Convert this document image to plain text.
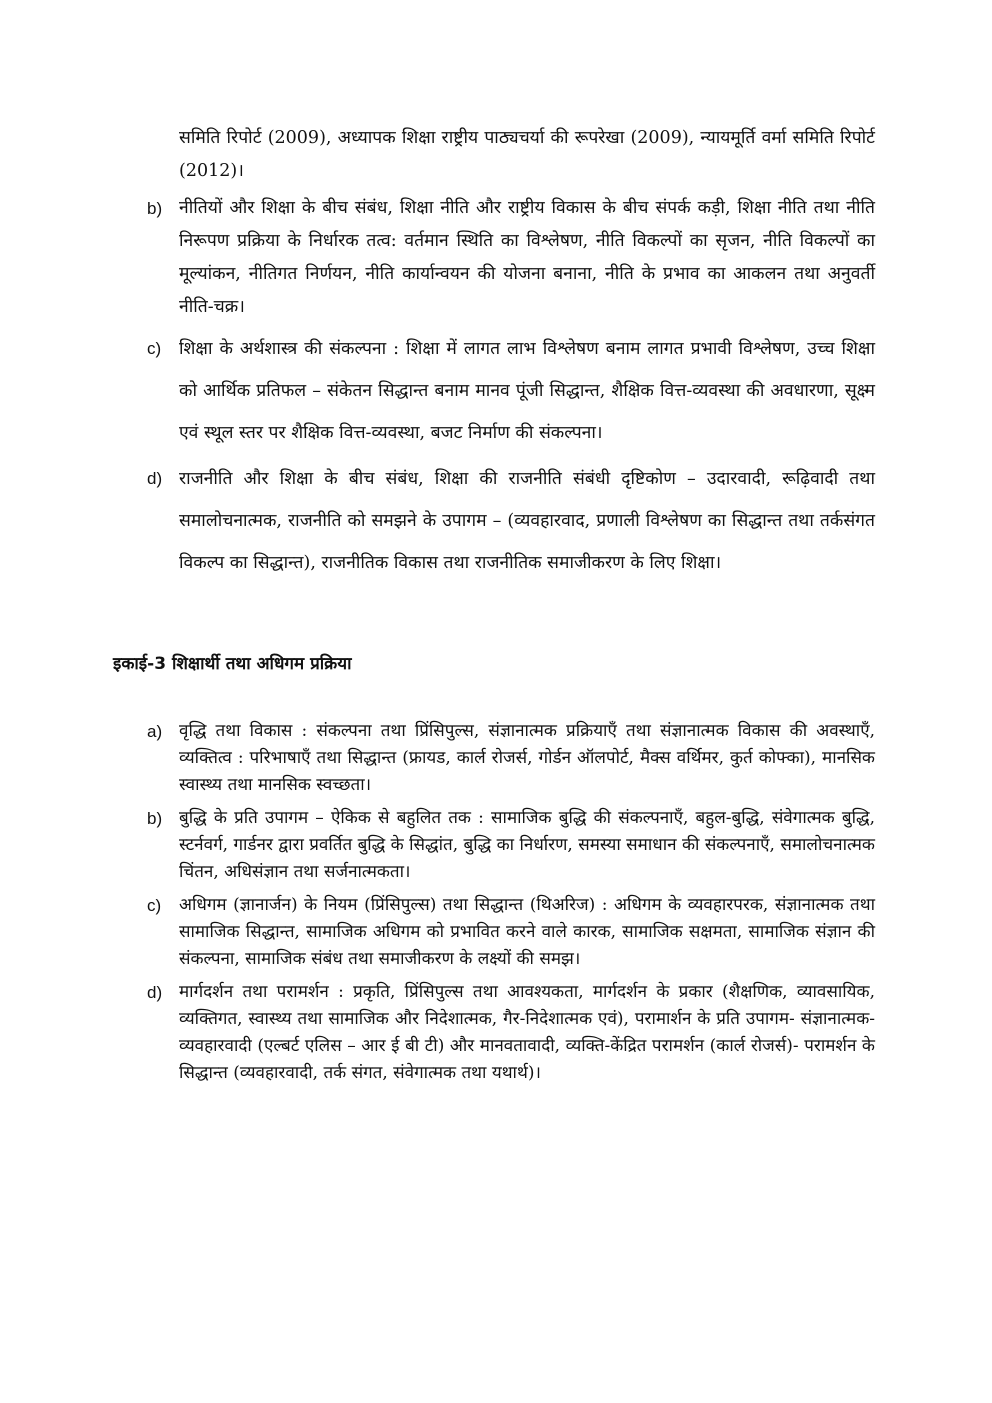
समिति रिपोर्ट (2009), अध्यापक शिक्षा राष्ट्रीय पाठ्यचर्या की रूपरेखा (2009), न्यायमूर्ति वर्मा समिति रिपोर्ट (2012)।
b) नीतियों और शिक्षा के बीच संबंध, शिक्षा नीति और राष्ट्रीय विकास के बीच संपर्क कड़ी, शिक्षा नीति तथा नीति निरूपण प्रक्रिया के निर्धारक तत्व: वर्तमान स्थिति का विश्लेषण, नीति विकल्पों का सृजन, नीति विकल्पों का मूल्यांकन, नीतिगत निर्णयन, नीति कार्यान्वयन की योजना बनाना, नीति के प्रभाव का आकलन तथा अनुवर्ती नीति-चक्र।
c) शिक्षा के अर्थशास्त्र की संकल्पना : शिक्षा में लागत लाभ विश्लेषण बनाम लागत प्रभावी विश्लेषण, उच्च शिक्षा को आर्थिक प्रतिफल – संकेतन सिद्धान्त बनाम मानव पूंजी सिद्धान्त, शैक्षिक वित्त-व्यवस्था की अवधारणा, सूक्ष्म एवं स्थूल स्तर पर शैक्षिक वित्त-व्यवस्था, बजट निर्माण की संकल्पना।
d) राजनीति और शिक्षा के बीच संबंध, शिक्षा की राजनीति संबंधी दृष्टिकोण – उदारवादी, रूढ़िवादी तथा समालोचनात्मक, राजनीति को समझने के उपागम – (व्यवहारवाद, प्रणाली विश्लेषण का सिद्धान्त तथा तर्कसंगत विकल्प का सिद्धान्त), राजनीतिक विकास तथा राजनीतिक समाजीकरण के लिए शिक्षा।
इकाई-3 शिक्षार्थी तथा अधिगम प्रक्रिया
a) वृद्धि तथा विकास : संकल्पना तथा प्रिंसिपुल्स, संज्ञानात्मक प्रक्रियाएँ तथा संज्ञानात्मक विकास की अवस्थाएँ, व्यक्तित्व : परिभाषाएँ तथा सिद्धान्त (फ्रायड, कार्ल रोजर्स, गोर्डन ऑलपोर्ट, मैक्स वर्थिमर, कुर्त कोफ्का), मानसिक स्वास्थ्य तथा मानसिक स्वच्छता।
b) बुद्धि के प्रति उपागम – ऐकिक से बहुलित तक : सामाजिक बुद्धि की संकल्पनाएँ, बहुल-बुद्धि, संवेगात्मक बुद्धि, स्टर्नवर्ग, गार्डनर द्वारा प्रवर्तित बुद्धि के सिद्धांत, बुद्धि का निर्धारण, समस्या समाधान की संकल्पनाएँ, समालोचनात्मक चिंतन, अधिसंज्ञान तथा सर्जनात्मकता।
c) अधिगम (ज्ञानार्जन) के नियम (प्रिंसिपुल्स) तथा सिद्धान्त (थिअरिज) : अधिगम के व्यवहारपरक, संज्ञानात्मक तथा सामाजिक सिद्धान्त, सामाजिक अधिगम को प्रभावित करने वाले कारक, सामाजिक सक्षमता, सामाजिक संज्ञान की संकल्पना, सामाजिक संबंध तथा समाजीकरण के लक्ष्यों की समझ।
d) मार्गदर्शन तथा परामर्शन : प्रकृति, प्रिंसिपुल्स तथा आवश्यकता, मार्गदर्शन के प्रकार (शैक्षणिक, व्यावसायिक, व्यक्तिगत, स्वास्थ्य तथा सामाजिक और निदेशात्मक, गैर-निदेशात्मक एवं), परामार्शन के प्रति उपागम- संज्ञानात्मक-व्यवहारवादी (एल्बर्ट एलिस – आर ई बी टी) और मानवतावादी, व्यक्ति-केंद्रित परामर्शन (कार्ल रोजर्स)- परामर्शन के सिद्धान्त (व्यवहारवादी, तर्क संगत, संवेगात्मक तथा यथार्थ)।
